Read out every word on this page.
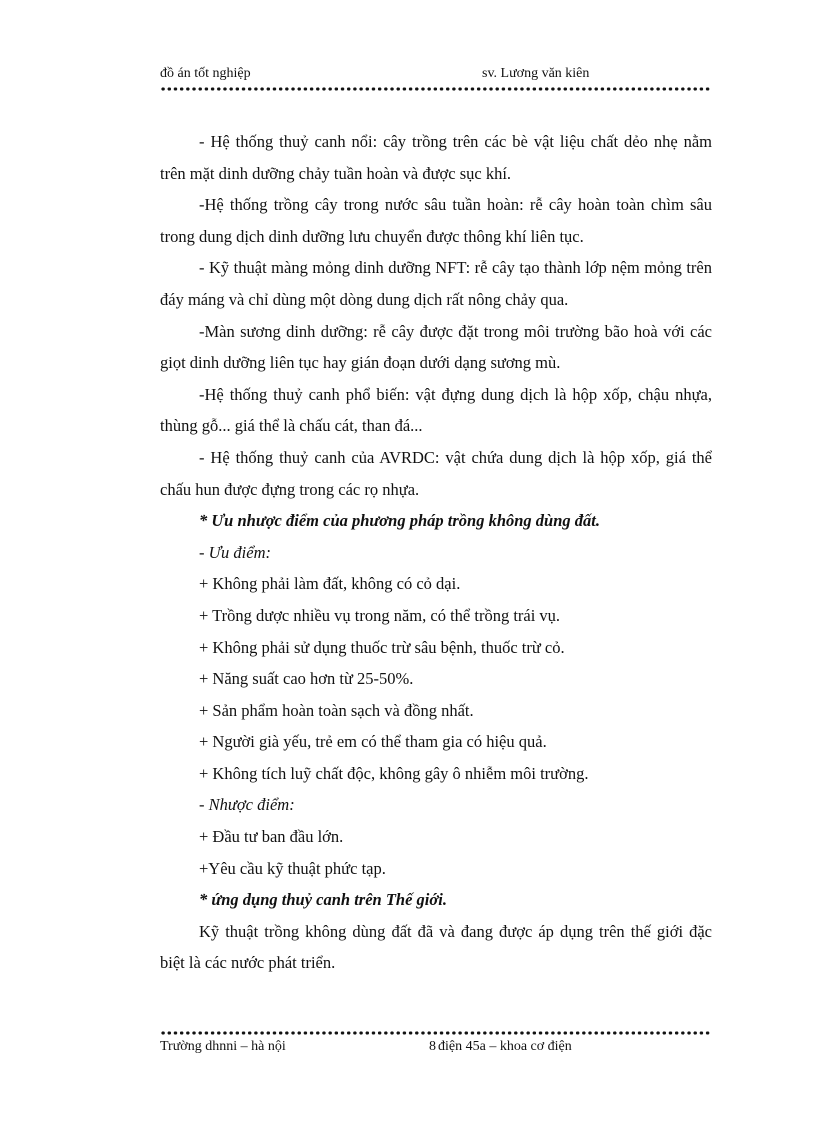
đồ án tốt nghiệp	sv. Lương văn kiên

- Hệ thống thuỷ canh nổi: cây trồng trên các bè vật liệu chất dẻo nhẹ nằm trên mặt dinh dưỡng chảy tuần hoàn và được sục khí.

-Hệ thống trồng cây trong nước sâu tuần hoàn: rễ cây hoàn toàn chìm sâu trong dung dịch dinh dưỡng lưu chuyển được thông khí liên tục.

- Kỹ thuật màng mỏng dinh dưỡng NFT: rễ cây tạo thành lớp nệm mỏng trên đáy máng và chỉ dùng một dòng dung dịch rất nông chảy qua.

-Màn sương dinh dưỡng: rễ cây được đặt trong môi trường bão hoà với các giọt dinh dưỡng liên tục hay gián đoạn dưới dạng sương mù.

-Hệ thống thuỷ canh phổ biến: vật đựng dung dịch là hộp xốp, chậu nhựa, thùng gỗ... giá thể là chấu cát, than đá...

- Hệ thống thuỷ canh của AVRDC: vật chứa dung dịch là hộp xốp, giá thể chấu hun được đựng trong các rọ nhựa.

* Ưu nhược điểm của phương pháp trồng không dùng đất.

- Ưu điểm:

+ Không phải làm đất, không có cỏ dại.

+ Trồng dược nhiều vụ trong năm, có thể trồng trái vụ.

+ Không phải sử dụng thuốc trừ sâu bệnh, thuốc trừ cỏ.

+ Năng suất cao hơn từ 25-50%.

+ Sản phẩm hoàn toàn sạch và đồng nhất.

+ Người già yếu, trẻ em có thể tham gia có hiệu quả.

+ Không tích luỹ chất độc, không gây ô nhiễm môi trường.

- Nhược điểm:

+ Đầu tư ban đầu lớn.

+Yêu cầu kỹ thuật phức tạp.

* ứng dụng thuỷ canh trên Thế giới.

Kỹ thuật trồng không dùng đất đã và đang được áp dụng trên thế giới đặc biệt là các nước phát triển.

Trường dhnni – hà nội	8 điện 45a – khoa cơ điện
